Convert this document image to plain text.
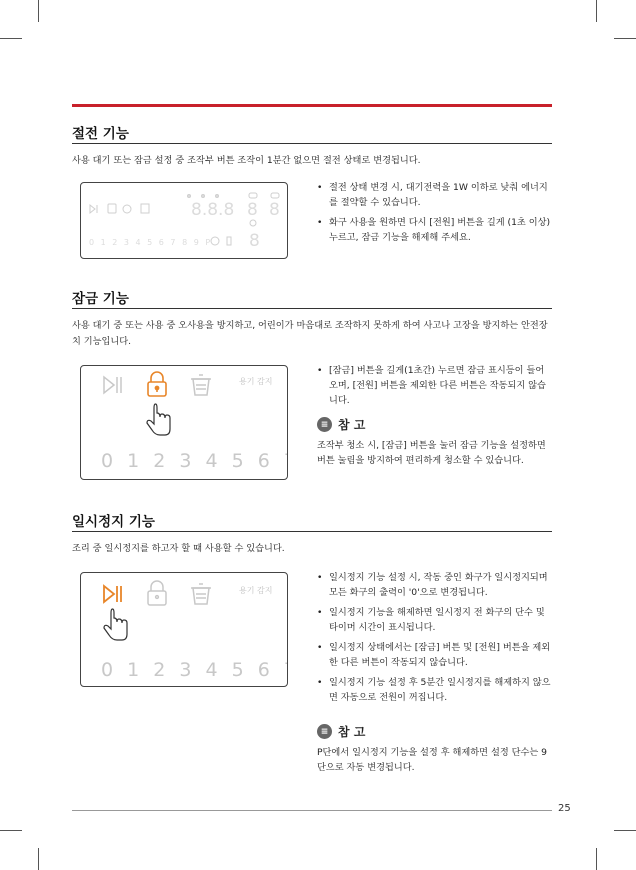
절전 기능
사용 대기 또는 잠금 설정 중 조작부 버튼 조작이 1분간 없으면 절전 상태로 변경됩니다.
8.8.8 8 8
8
0 1 2 3 4 5 6 7 8 9 P
• 절전 상태 변경 시, 대기전력을 1W 이하로 낮춰 에너지를 절약할 수 있습니다.
• 화구 사용을 원하면 다시 [전원] 버튼을 길게 (1초 이상) 누르고, 잠금 기능을 해제해 주세요.
잠금 기능
사용 대기 중 또는 사용 중 오사용을 방지하고, 어린이가 마음대로 조작하지 못하게 하여 사고나 고장을 방지하는 안전장치 기능입니다.
용기 감지
0 1 2 3 4 5 6 7
• [잠금] 버튼을 길게(1초간) 누르면 잠금 표시등이 들어오며, [전원] 버튼을 제외한 다른 버튼은 작동되지 않습니다.
≡ 참 고
조작부 청소 시, [잠금] 버튼을 눌러 잠금 기능을 설정하면 버튼 눌림을 방지하여 편리하게 청소할 수 있습니다.
일시정지 기능
조리 중 일시정지를 하고자 할 때 사용할 수 있습니다.
용기 감지
0 1 2 3 4 5 6 7
• 일시정지 기능 설정 시, 작동 중인 화구가 일시정지되며 모든 화구의 출력이 '0'으로 변경됩니다.
• 일시정지 기능을 해제하면 일시정지 전 화구의 단수 및 타이머 시간이 표시됩니다.
• 일시정지 상태에서는 [잠금] 버튼 및 [전원] 버튼을 제외한 다른 버튼이 작동되지 않습니다.
• 일시정지 기능 설정 후 5분간 일시정지를 해제하지 않으면 자동으로 전원이 꺼집니다.
≡ 참 고
P단에서 일시정지 기능을 설정 후 해제하면 설정 단수는 9단으로 자동 변경됩니다.
25
